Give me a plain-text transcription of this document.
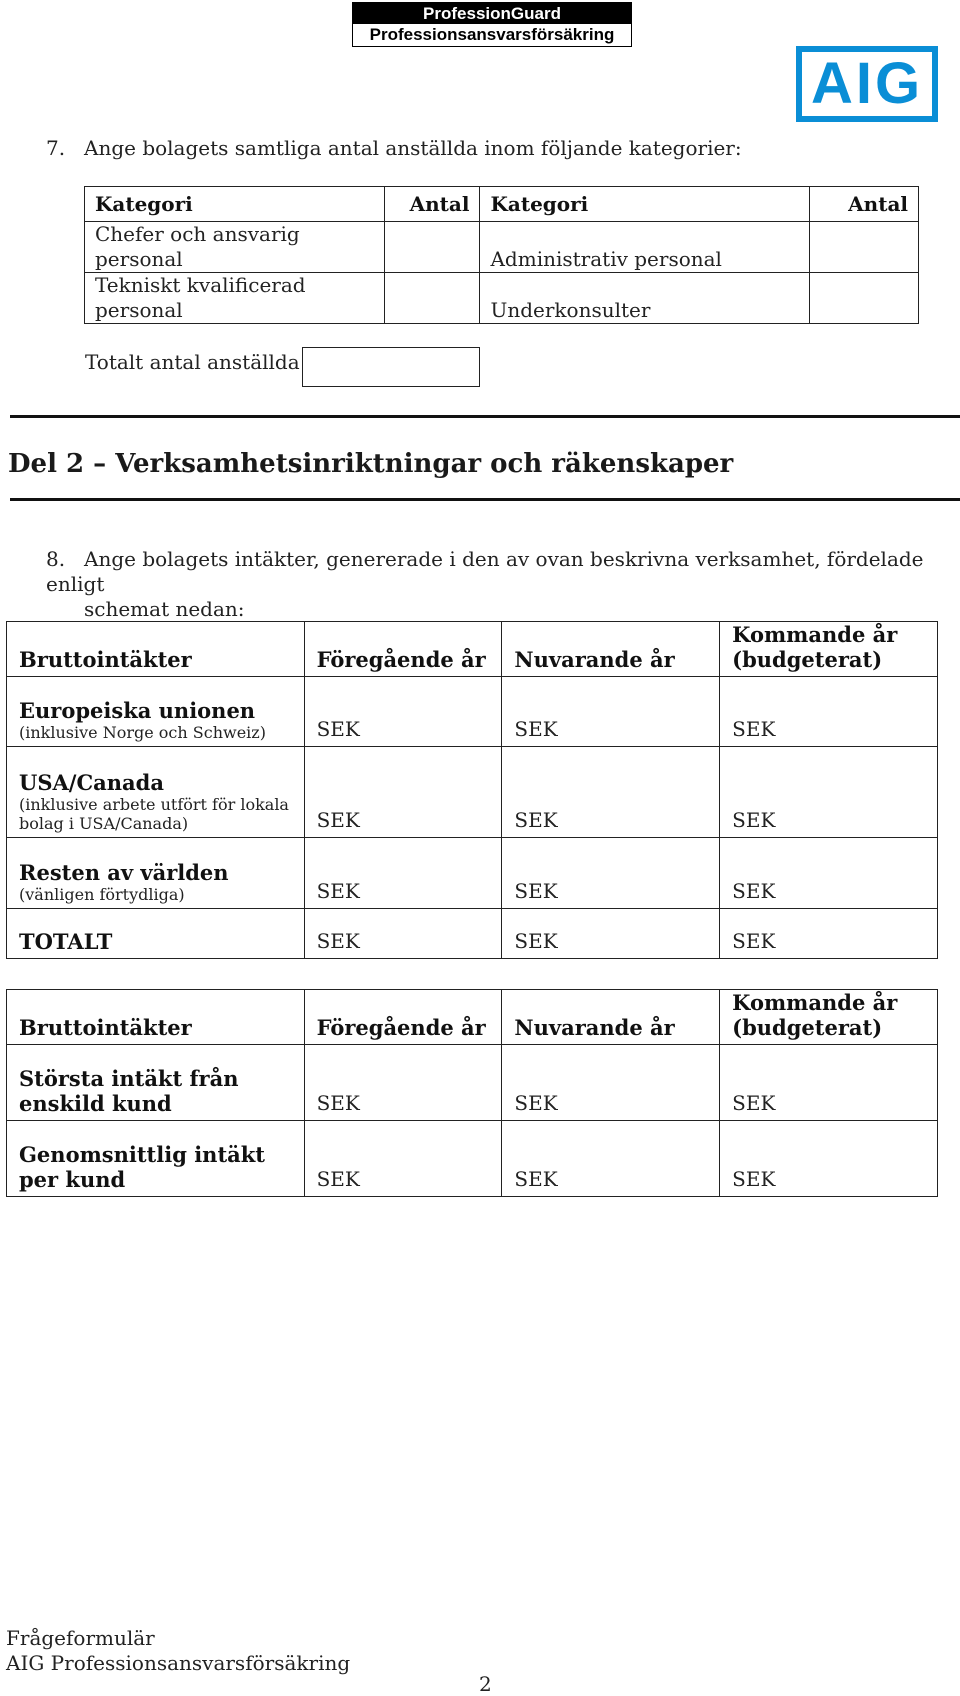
ProfessionGuard
Professionsansvarsförsäkring
AIG
7. Ange bolagets samtliga antal anställda inom följande kategorier:
Kategori	Antal	Kategori	Antal

Chefer och ansvarig
personal		Administrativ personal	

Tekniskt kvalificerad
personal		Underkonsulter	
Totalt antal anställda
Del 2 – Verksamhetsinriktningar och räkenskaper
8. Ange bolagets intäkter, genererade i den av ovan beskrivna verksamhet, fördelade enligt
schemat nedan:
Bruttointäkter	Föregående år	Nuvarande år	Kommande år
(budgeterat)

Europeiska unionen
(inklusive Norge och Schweiz)	SEK	SEK	SEK

USA/Canada
(inklusive arbete utfört för lokala
bolag i USA/Canada)	SEK	SEK	SEK

Resten av världen
(vänligen förtydliga)	SEK	SEK	SEK

TOTALT	SEK	SEK	SEK
Bruttointäkter	Föregående år	Nuvarande år	Kommande år
(budgeterat)

Största intäkt från
enskild kund	SEK	SEK	SEK

Genomsnittlig intäkt
per kund	SEK	SEK	SEK
Frågeformulär
AIG Professionsansvarsförsäkring
2
